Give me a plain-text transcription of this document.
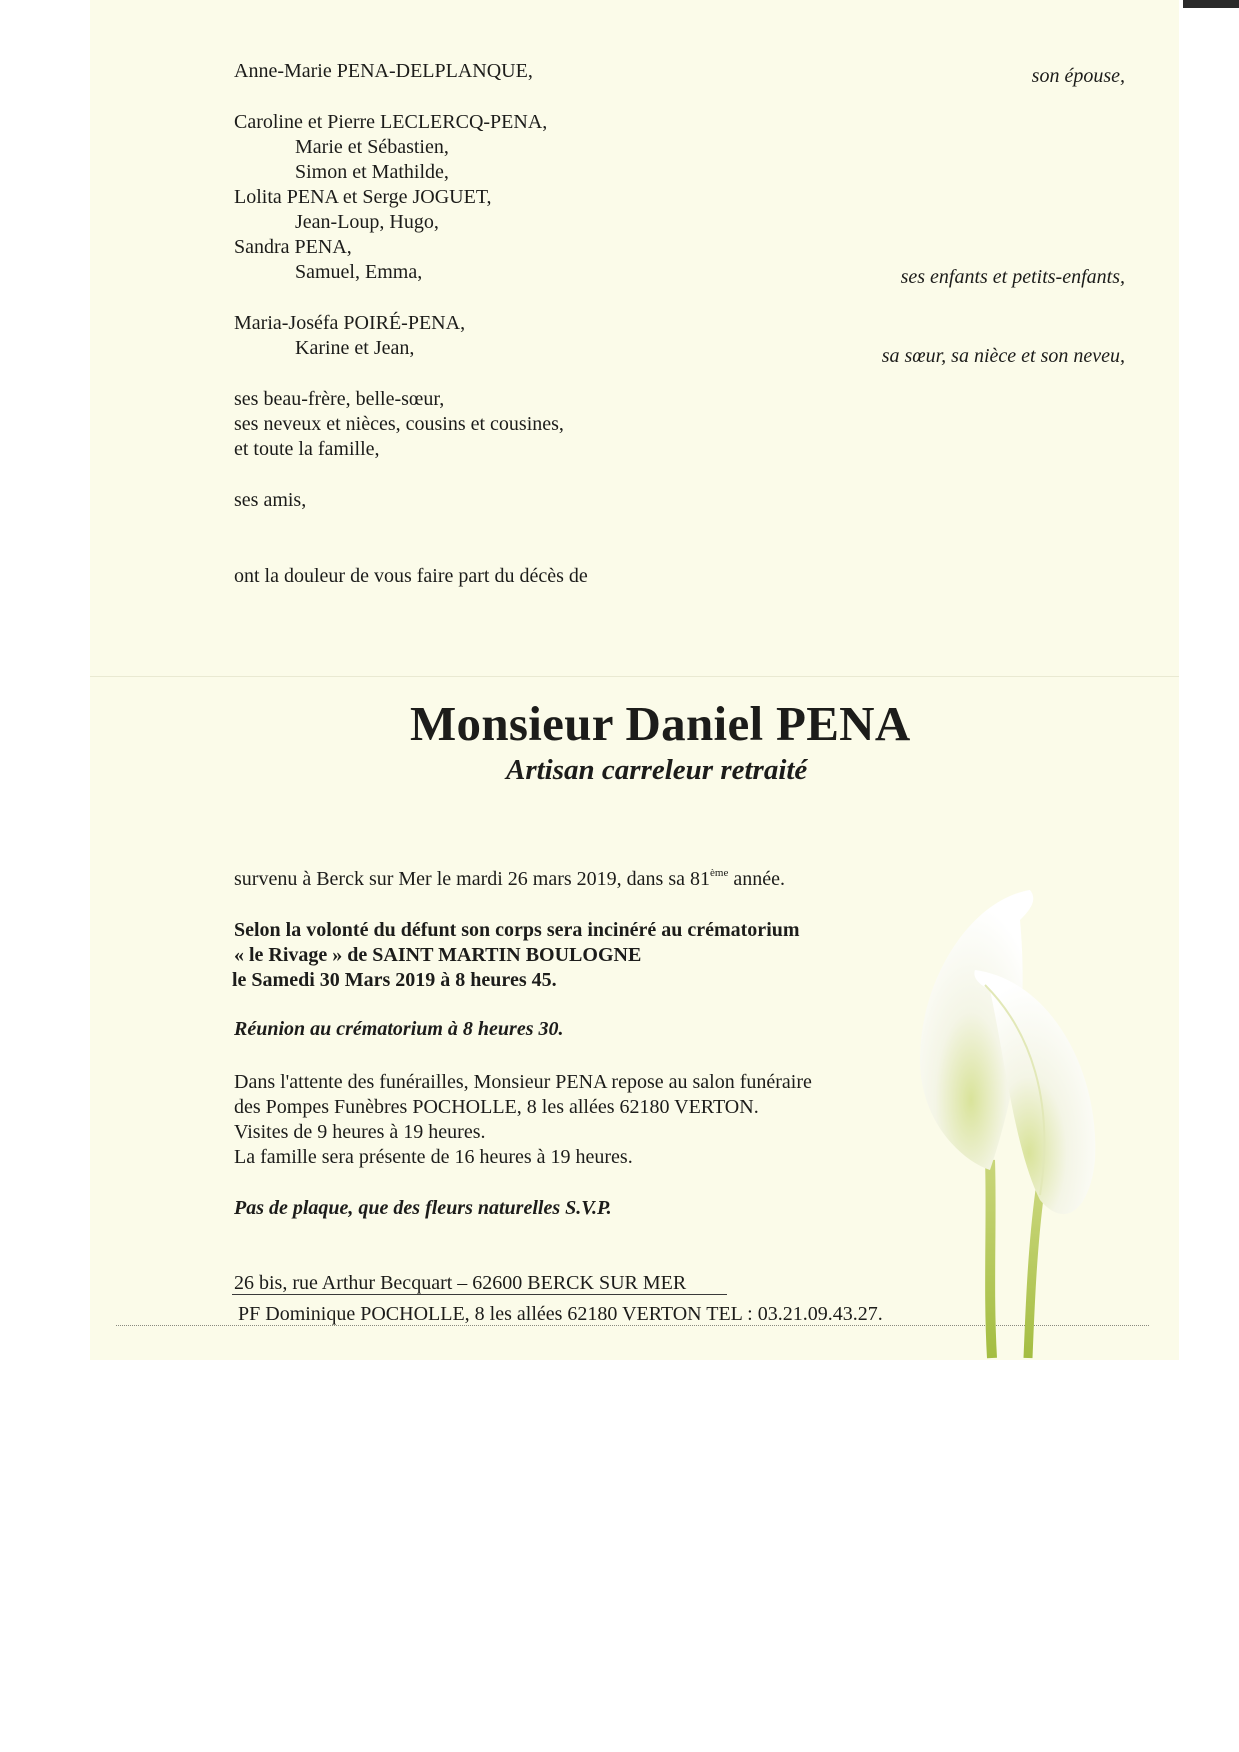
Anne-Marie PENA-DELPLANQUE,	son épouse,
Caroline et Pierre LECLERCQ-PENA,
Marie et Sébastien,
Simon et Mathilde,
Lolita PENA et Serge JOGUET,
Jean-Loup, Hugo,
Sandra PENA,
Samuel, Emma,	ses enfants et petits-enfants,
Maria-Joséfa POIRÉ-PENA,
Karine et Jean,	sa sœur, sa nièce et son neveu,
ses beau-frère, belle-sœur,
ses neveux et nièces, cousins et cousines,
et toute la famille,
ses amis,
ont la douleur de vous faire part du décès de
Monsieur Daniel PENA
Artisan carreleur retraité
survenu à Berck sur Mer le mardi 26 mars 2019, dans sa 81ème année.
Selon la volonté du défunt son corps sera inciné​ré au crématorium
« le Rivage » de SAINT MARTIN BOULOGNE
le Samedi 30 Mars 2019 à 8 heures 45.
Réunion au crématorium à 8 heures 30.
Dans l'attente des funérailles, Monsieur PENA repose au salon funéraire
des Pompes Funèbres POCHOLLE, 8 les allées 62180 VERTON.
Visites de 9 heures à 19 heures.
La famille sera présente de 16 heures à 19 heures.
Pas de plaque, que des fleurs naturelles S.V.P.
26 bis, rue Arthur Becquart – 62600 BERCK SUR MER
PF Dominique POCHOLLE, 8 les allées 62180 VERTON TEL : 03.21.09.43.27.
